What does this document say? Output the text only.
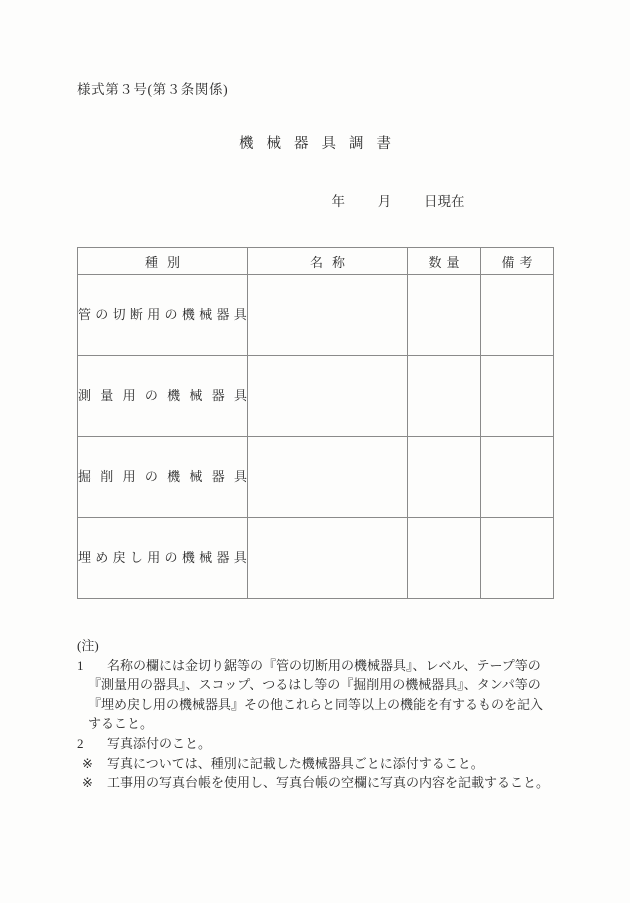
様式第３号(第３条関係)
機械器具調書
年 月 日現在
種別	名称	数量	備考

管の切断用の機械器具			

測量用の機械器具			

掘削用の機械器具			

埋め戻し用の機械器具			

(注)
1 名称の欄には金切り鋸等の『管の切断用の機械器具』、レベル、テープ等の
『測量用の器具』、スコップ、つるはし等の『掘削用の機械器具』、タンパ等の
『埋め戻し用の機械器具』その他これらと同等以上の機能を有するものを記入
すること。
2 写真添付のこと。
※ 写真については、種別に記載した機械器具ごとに添付すること。
※ 工事用の写真台帳を使用し、写真台帳の空欄に写真の内容を記載すること。
